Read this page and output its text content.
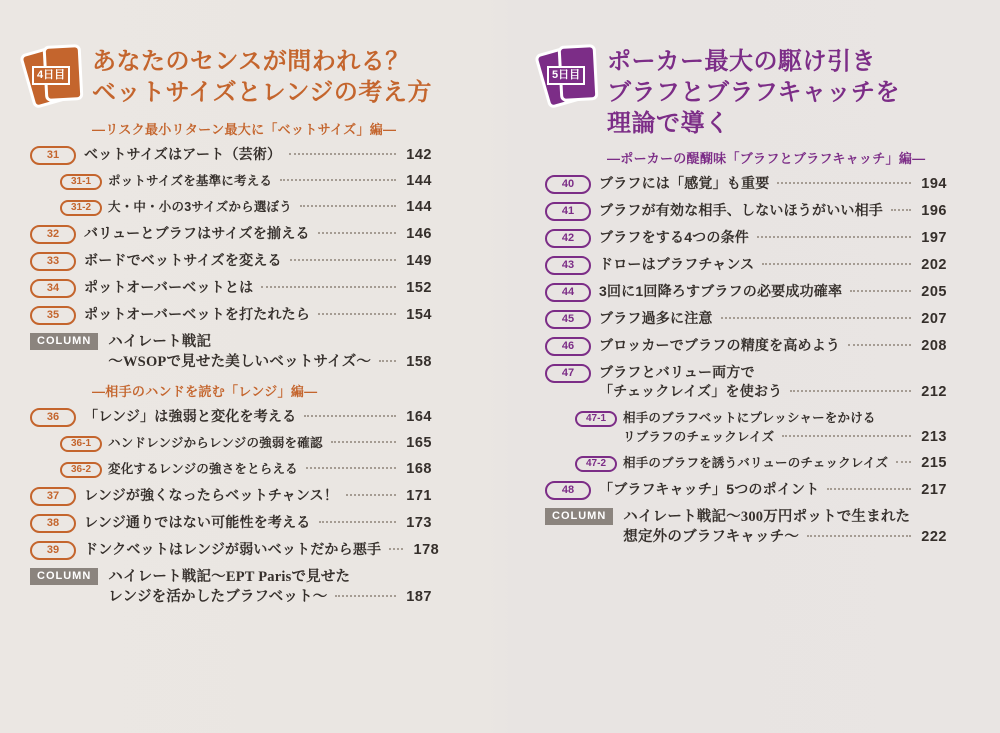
4日目 あなたのセンスが問われる？
ベットサイズとレンジの考え方
―リスク最小リターン最大に「ベットサイズ」編―
31	ベットサイズはアート（芸術）	142
31-1	ポットサイズを基準に考える	144
31-2	大・中・小の3サイズから選ぼう	144
32	バリューとブラフはサイズを揃える	146
33	ボードでベットサイズを変える	149
34	ポットオーバーベットとは	152
35	ポットオーバーベットを打たれたら	154
COLUMN	ハイレート戦記
～WSOPで見せた美しいベットサイズ～ 158
―相手のハンドを読む「レンジ」編―
36	「レンジ」は強弱と変化を考える	164
36-1	ハンドレンジからレンジの強弱を確認	165
36-2	変化するレンジの強さをとらえる	168
37	レンジが強くなったらベットチャンス！	171
38	レンジ通りではない可能性を考える	173
39	ドンクベットはレンジが弱いベットだから悪手 178
COLUMN	ハイレート戦記～EPT Parisで見せた
レンジを活かしたブラフベット～	187
5日目 ポーカー最大の駆け引き
ブラフとブラフキャッチを
理論で導く
―ポーカーの醍醐味「ブラフとブラフキャッチ」編―
40	ブラフには「感覚」も重要	194
41	ブラフが有効な相手、しないほうがいい相手	196
42	ブラフをする4つの条件	197
43	ドローはブラフチャンス	202
44	3回に1回降ろすブラフの必要成功確率	205
45	ブラフ過多に注意	207
46	ブロッカーでブラフの精度を高めよう	208
47	ブラフとバリュー両方で
「チェックレイズ」を使おう	212
47-1	相手のブラフベットにプレッシャーをかける
リブラフのチェックレイズ	213
47-2	相手のブラフを誘うバリューのチェックレイズ 215
48	「ブラフキャッチ」5つのポイント	217
COLUMN	ハイレート戦記～300万円ポットで生まれた
想定外のブラフキャッチ～	222
